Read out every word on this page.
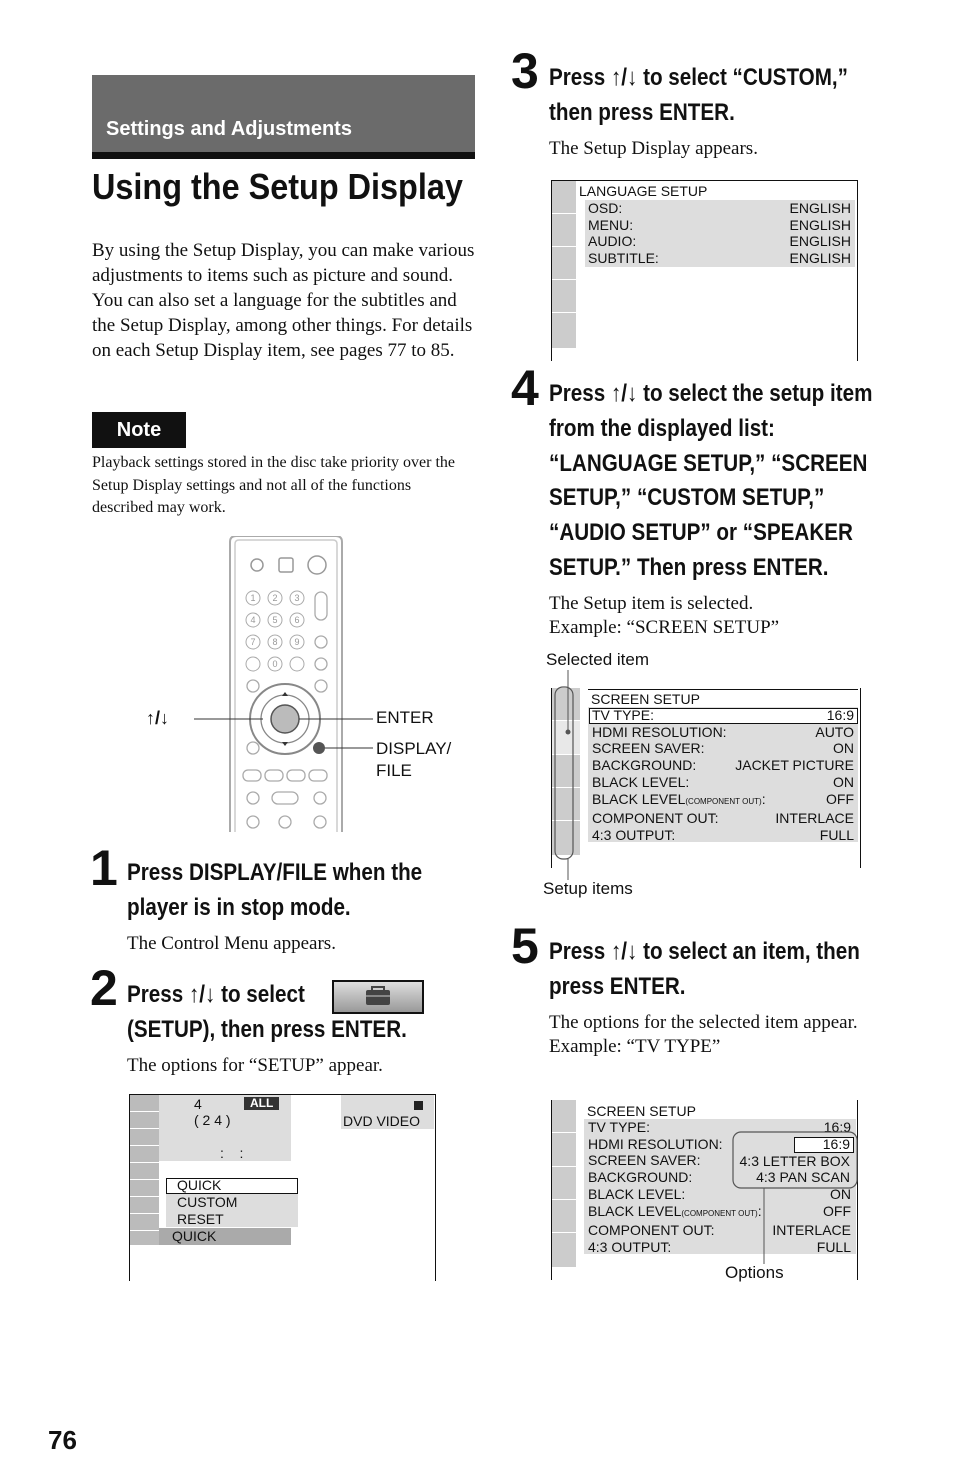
Settings and Adjustments
Using the Setup Display
By using the Setup Display, you can make various adjustments to items such as picture and sound. You can also set a language for the subtitles and the Setup Display, among other things. For details on each Setup Display item, see pages 77 to 85.
Note
Playback settings stored in the disc take priority over the Setup Display settings and not all of the functions described may work.
1 2 3
4 5 6
7 8 9
0
↑/↓	ENTER
DISPLAY/
FILE
1 Press DISPLAY/FILE when the
player is in stop mode.
The Control Menu appears.
2 Press ↑/↓ to select
(SETUP), then press ENTER.
The options for “SETUP” appear.
4	ALL
( 2 4 )
:    :
DVD VIDEO
QUICK
CUSTOM
RESET
QUICK
3 Press ↑/↓ to select “CUSTOM,”
then press ENTER.
The Setup Display appears.
LANGUAGE SETUP
OSD:	ENGLISH
MENU:	ENGLISH
AUDIO:	ENGLISH
SUBTITLE:	ENGLISH
4 Press ↑/↓ to select the setup item
from the displayed list:
“LANGUAGE SETUP,” “SCREEN
SETUP,” “CUSTOM SETUP,”
“AUDIO SETUP” or “SPEAKER
SETUP.” Then press ENTER.
The Setup item is selected.
Example: “SCREEN SETUP”
Selected item
SCREEN SETUP
TV TYPE:	16:9
HDMI RESOLUTION:	AUTO
SCREEN SAVER:	ON
BACKGROUND:	JACKET PICTURE
BLACK LEVEL:	ON
BLACK LEVEL(COMPONENT OUT):	OFF
COMPONENT OUT:	INTERLACE
4:3 OUTPUT:	FULL
Setup items
5 Press ↑/↓ to select an item, then
press ENTER.
The options for the selected item appear.
Example: “TV TYPE”
SCREEN SETUP
TV TYPE:	16:9
HDMI RESOLUTION:
SCREEN SAVER:
BACKGROUND:
BLACK LEVEL:	ON
BLACK LEVEL(COMPONENT OUT):	OFF
COMPONENT OUT:	INTERLACE
4:3 OUTPUT:	FULL
16:9
4:3 LETTER BOX
4:3 PAN SCAN
Options
76
